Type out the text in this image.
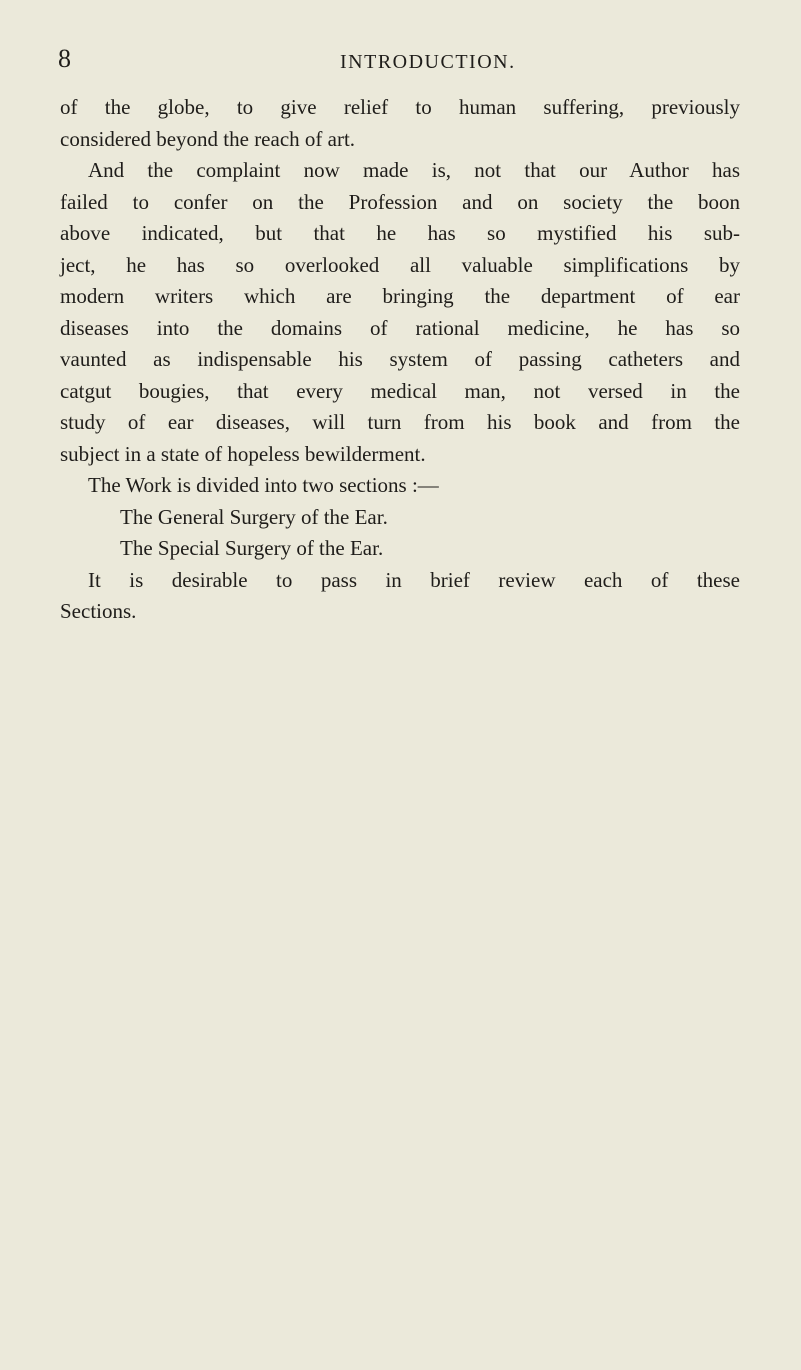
8	INTRODUCTION.
of the globe, to give relief to human suffering, previously
considered beyond the reach of art.
And the complaint now made is, not that our Author has
failed to confer on the Profession and on society the boon
above indicated, but that he has so mystified his sub-
ject, he has so overlooked all valuable simplifications by
modern writers which are bringing the department of ear
diseases into the domains of rational medicine, he has so
vaunted as indispensable his system of passing catheters and
catgut bougies, that every medical man, not versed in the
study of ear diseases, will turn from his book and from the
subject in a state of hopeless bewilderment.
The Work is divided into two sections :—
The General Surgery of the Ear.
The Special Surgery of the Ear.
It is desirable to pass in brief review each of these
Sections.
